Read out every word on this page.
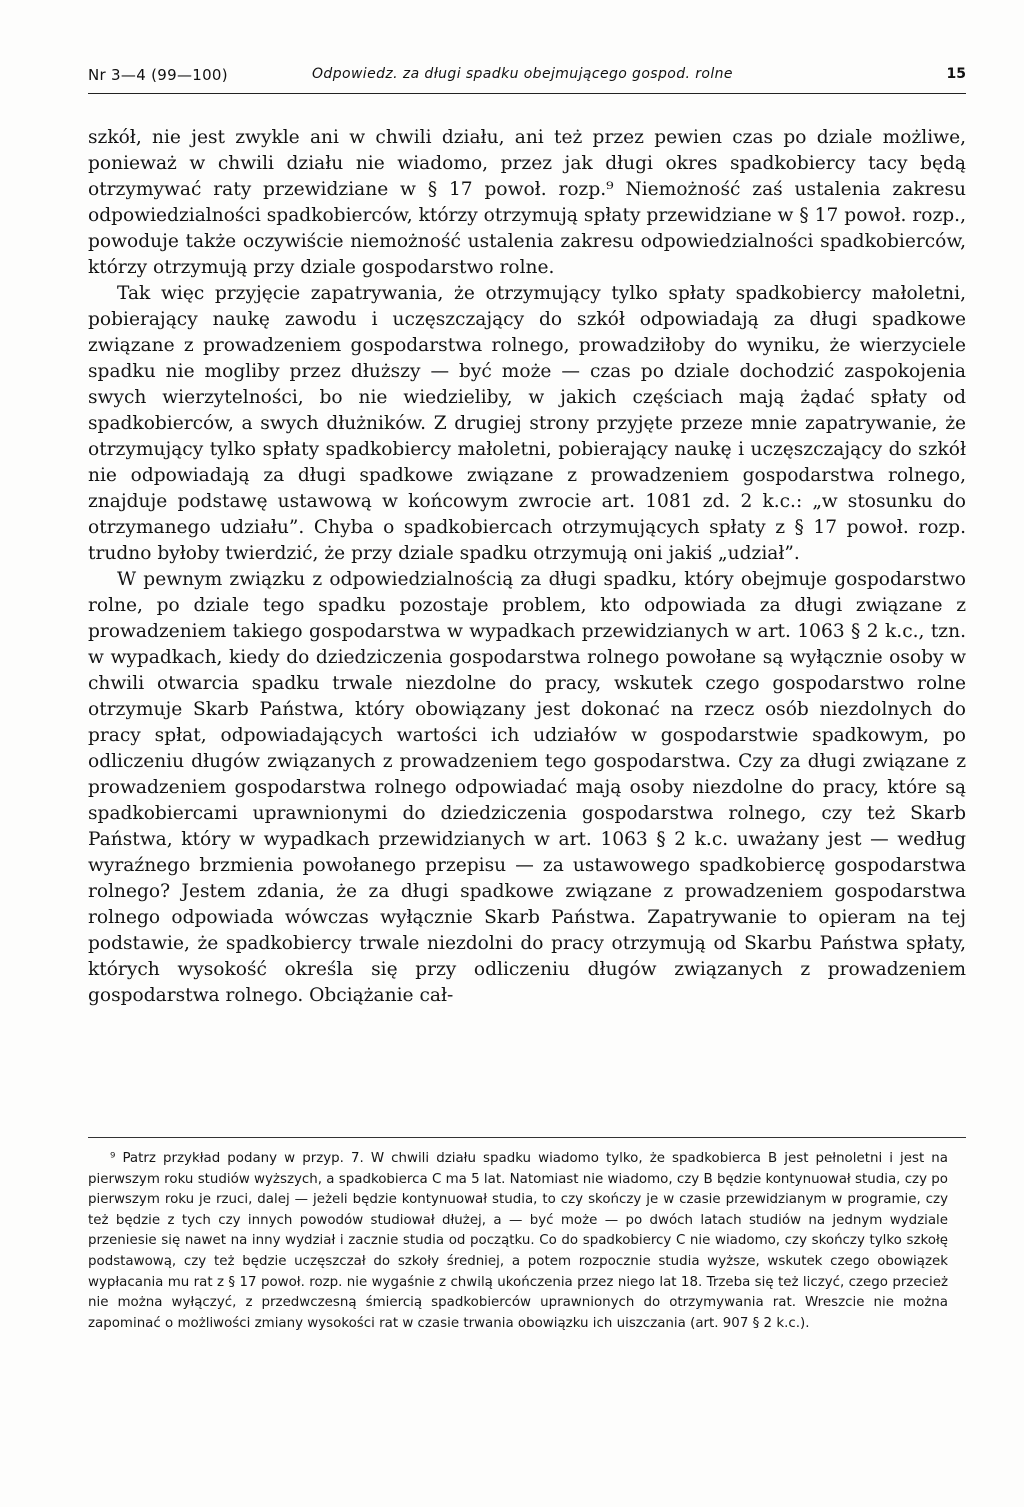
Nr 3—4 (99—100)	Odpowiedz. za długi spadku obejmującego gospod. rolne	15

szkół, nie jest zwykle ani w chwili działu, ani też przez pewien czas po dziale możliwe, ponieważ w chwili działu nie wiadomo, przez jak długi okres spadkobiercy tacy będą otrzymywać raty przewidziane w § 17 powoł. rozp.⁹ Niemożność zaś ustalenia zakresu odpowiedzialności spadkobierców, którzy otrzymują spłaty przewidziane w § 17 powoł. rozp., powoduje także oczywiście niemożność ustalenia zakresu odpowiedzialności spadkobierców, którzy otrzymują przy dziale gospodarstwo rolne.

Tak więc przyjęcie zapatrywania, że otrzymujący tylko spłaty spadkobiercy małoletni, pobierający naukę zawodu i uczęszczający do szkół odpowiadają za długi spadkowe związane z prowadzeniem gospodarstwa rolnego, prowadziłoby do wyniku, że wierzyciele spadku nie mogliby przez dłuższy — być może — czas po dziale dochodzić zaspokojenia swych wierzytelności, bo nie wiedzieliby, w jakich częściach mają żądać spłaty od spadkobierców, a swych dłużników. Z drugiej strony przyjęte przeze mnie zapatrywanie, że otrzymujący tylko spłaty spadkobiercy małoletni, pobierający naukę i uczęszczający do szkół nie odpowiadają za długi spadkowe związane z prowadzeniem gospodarstwa rolnego, znajduje podstawę ustawową w końcowym zwrocie art. 1081 zd. 2 k.c.: „w stosunku do otrzymanego udziału”. Chyba o spadkobiercach otrzymujących spłaty z § 17 powoł. rozp. trudno byłoby twierdzić, że przy dziale spadku otrzymują oni jakiś „udział”.

W pewnym związku z odpowiedzialnością za długi spadku, który obejmuje gospodarstwo rolne, po dziale tego spadku pozostaje problem, kto odpowiada za długi związane z prowadzeniem takiego gospodarstwa w wypadkach przewidzianych w art. 1063 § 2 k.c., tzn. w wypadkach, kiedy do dziedziczenia gospodarstwa rolnego powołane są wyłącznie osoby w chwili otwarcia spadku trwale niezdolne do pracy, wskutek czego gospodarstwo rolne otrzymuje Skarb Państwa, który obowiązany jest dokonać na rzecz osób niezdolnych do pracy spłat, odpowiadających wartości ich udziałów w gospodarstwie spadkowym, po odliczeniu długów związanych z prowadzeniem tego gospodarstwa. Czy za długi związane z prowadzeniem gospodarstwa rolnego odpowiadać mają osoby niezdolne do pracy, które są spadkobiercami uprawnionymi do dziedziczenia gospodarstwa rolnego, czy też Skarb Państwa, który w wypadkach przewidzianych w art. 1063 § 2 k.c. uważany jest — według wyraźnego brzmienia powołanego przepisu — za ustawowego spadkobiercę gospodarstwa rolnego? Jestem zdania, że za długi spadkowe związane z prowadzeniem gospodarstwa rolnego odpowiada wówczas wyłącznie Skarb Państwa. Zapatrywanie to opieram na tej podstawie, że spadkobiercy trwale niezdolni do pracy otrzymują od Skarbu Państwa spłaty, których wysokość określa się przy odliczeniu długów związanych z prowadzeniem gospodarstwa rolnego. Obciążanie cał-

⁹ Patrz przykład podany w przyp. 7. W chwili działu spadku wiadomo tylko, że spadkobierca B jest pełnoletni i jest na pierwszym roku studiów wyższych, a spadkobierca C ma 5 lat. Natomiast nie wiadomo, czy B będzie kontynuował studia, czy po pierwszym roku je rzuci, dalej — jeżeli będzie kontynuował studia, to czy skończy je w czasie przewidzianym w programie, czy też będzie z tych czy innych powodów studiował dłużej, a — być może — po dwóch latach studiów na jednym wydziale przeniesie się nawet na inny wydział i zacznie studia od początku. Co do spadkobiercy C nie wiadomo, czy skończy tylko szkołę podstawową, czy też będzie uczęszczał do szkoły średniej, a potem rozpocznie studia wyższe, wskutek czego obowiązek wypłacania mu rat z § 17 powoł. rozp. nie wygaśnie z chwilą ukończenia przez niego lat 18. Trzeba się też liczyć, czego przecież nie można wyłączyć, z przedwczesną śmiercią spadkobierców uprawnionych do otrzymywania rat. Wreszcie nie można zapominać o możliwości zmiany wysokości rat w czasie trwania obowiązku ich uiszczania (art. 907 § 2 k.c.).
